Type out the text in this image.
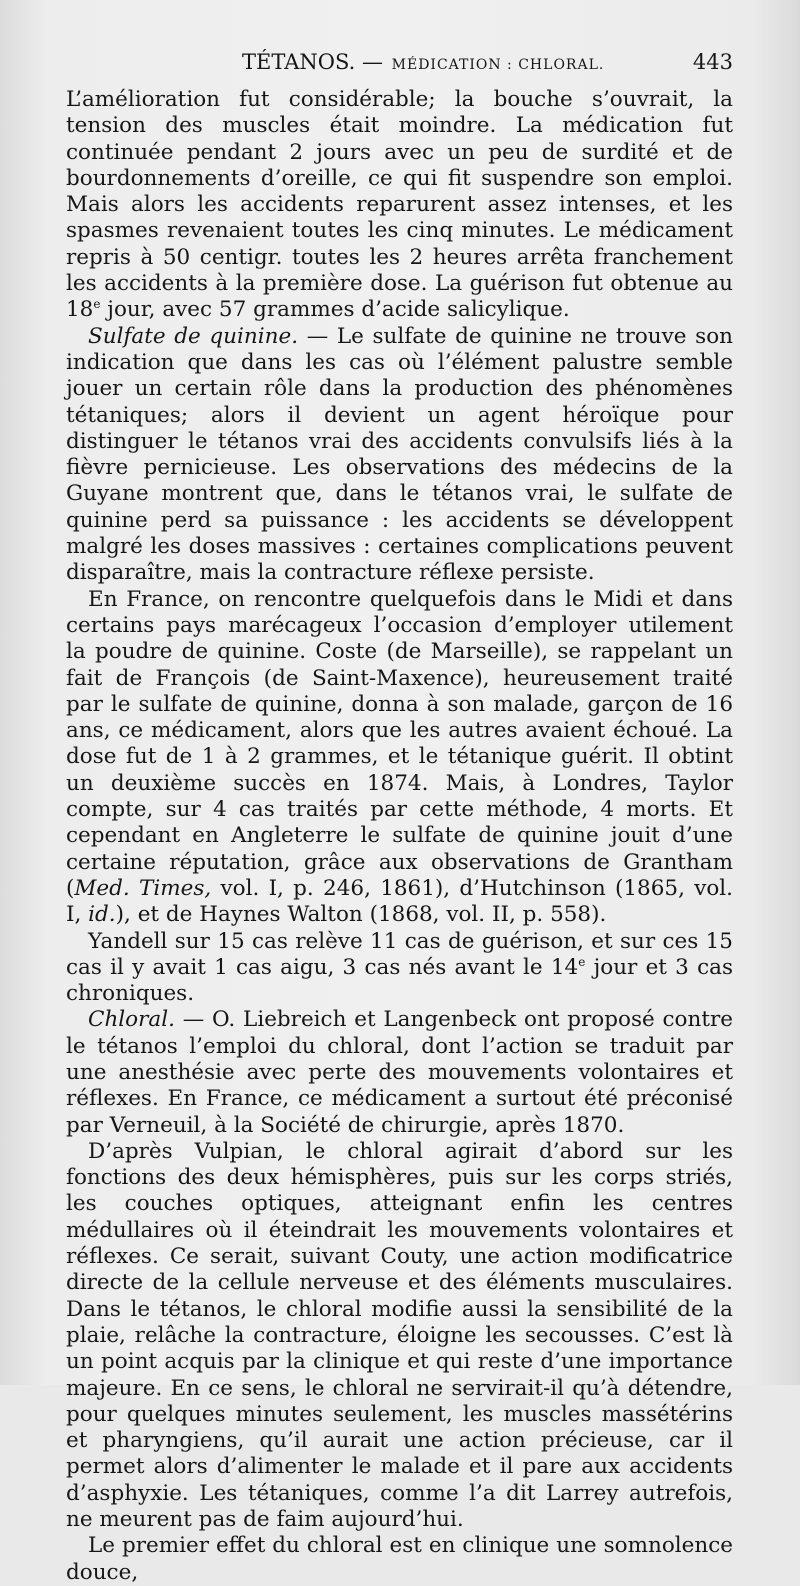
TÉTANOS. — MÉDICATION : CHLORAL.	443

L’amélioration fut considérable; la bouche s’ouvrait, la tension des muscles était moindre. La médication fut continuée pendant 2 jours avec un peu de surdité et de bourdonnements d’oreille, ce qui fit suspendre son emploi. Mais alors les accidents reparurent assez intenses, et les spasmes revenaient toutes les cinq minutes. Le médicament repris à 50 centigr. toutes les 2 heures arrêta franchement les accidents à la première dose. La guérison fut obtenue au 18e jour, avec 57 grammes d’acide salicylique.

Sulfate de quinine. — Le sulfate de quinine ne trouve son indication que dans les cas où l’élément palustre semble jouer un certain rôle dans la production des phénomènes tétaniques; alors il devient un agent héroïque pour distinguer le tétanos vrai des accidents convulsifs liés à la fièvre pernicieuse. Les observations des médecins de la Guyane montrent que, dans le tétanos vrai, le sulfate de quinine perd sa puissance : les accidents se développent malgré les doses massives : certaines complications peuvent disparaître, mais la contracture réflexe persiste.

En France, on rencontre quelquefois dans le Midi et dans certains pays marécageux l’occasion d’employer utilement la poudre de quinine. Coste (de Marseille), se rappelant un fait de François (de Saint-Maxence), heureusement traité par le sulfate de quinine, donna à son malade, garçon de 16 ans, ce médicament, alors que les autres avaient échoué. La dose fut de 1 à 2 grammes, et le tétanique guérit. Il obtint un deuxième succès en 1874. Mais, à Londres, Taylor compte, sur 4 cas traités par cette méthode, 4 morts. Et cependant en Angleterre le sulfate de quinine jouit d’une certaine réputation, grâce aux observations de Grantham (Med. Times, vol. I, p. 246, 1861), d’Hutchinson (1865, vol. I, id.), et de Haynes Walton (1868, vol. II, p. 558).

Yandell sur 15 cas relève 11 cas de guérison, et sur ces 15 cas il y avait 1 cas aigu, 3 cas nés avant le 14e jour et 3 cas chroniques.

Chloral. — O. Liebreich et Langenbeck ont proposé contre le tétanos l’emploi du chloral, dont l’action se traduit par une anesthésie avec perte des mouvements volontaires et réflexes. En France, ce médicament a surtout été préconisé par Verneuil, à la Société de chirurgie, après 1870.

D’après Vulpian, le chloral agirait d’abord sur les fonctions des deux hémisphères, puis sur les corps striés, les couches optiques, atteignant enfin les centres médullaires où il éteindrait les mouvements volontaires et réflexes. Ce serait, suivant Couty, une action modificatrice directe de la cellule nerveuse et des éléments musculaires. Dans le tétanos, le chloral modifie aussi la sensibilité de la plaie, relâche la contracture, éloigne les secousses. C’est là un point acquis par la clinique et qui reste d’une importance majeure. En ce sens, le chloral ne servirait-il qu’à détendre, pour quelques minutes seulement, les muscles massétérins et pharyngiens, qu’il aurait une action précieuse, car il permet alors d’alimenter le malade et il pare aux accidents d’asphyxie. Les tétaniques, comme l’a dit Larrey autrefois, ne meurent pas de faim aujourd’hui.

Le premier effet du chloral est en clinique une somnolence douce,
